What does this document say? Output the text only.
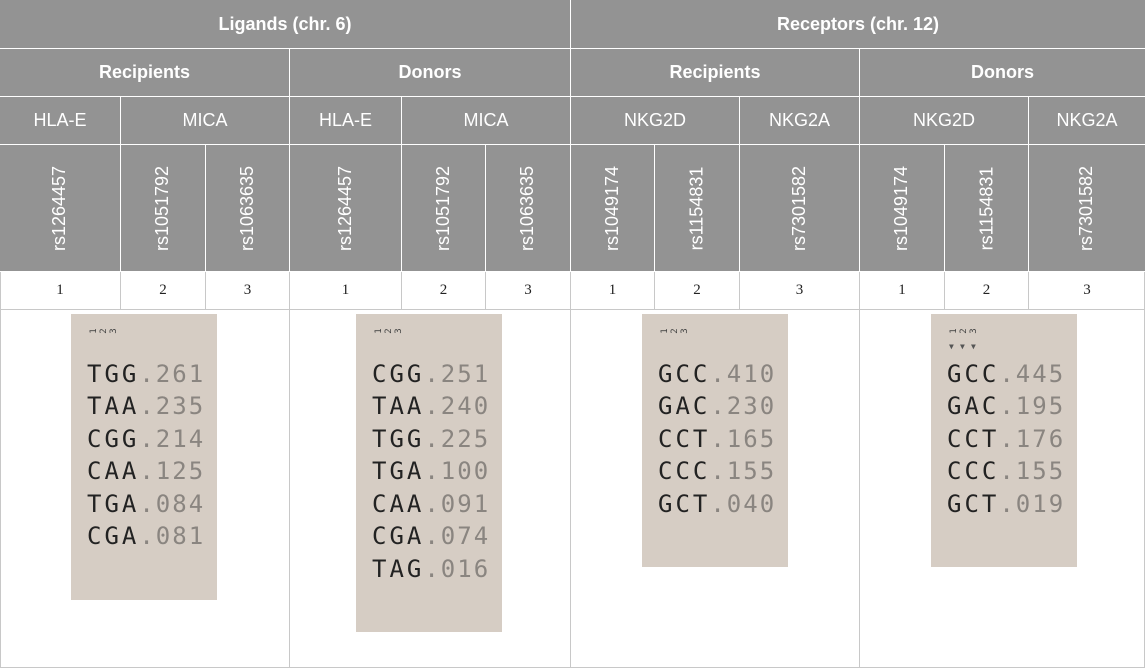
Ligands (chr. 6)	Receptors (chr. 12)
Recipients	Donors	Recipients	Donors
HLA-E	MICA	HLA-E	MICA	NKG2D	NKG2A	NKG2D	NKG2A
rs1264457	rs1051792	rs1063635	rs1264457	rs1051792	rs1063635	rs1049174	rs1154831	rs7301582	rs1049174	rs1154831	rs7301582
1	2	3	1	2	3	1	2	3	1	2	3
1 2 3
TGG.261
TAA.235
CGG.214
CAA.125
TGA.084
CGA.081
1 2 3
CGG.251
TAA.240
TGG.225
TGA.100
CAA.091
CGA.074
TAG.016
1 2 3
GCC.410
GAC.230
CCT.165
CCC.155
GCT.040
1 2 3
▼ ▼ ▼
GCC.445
GAC.195
CCT.176
CCC.155
GCT.019
